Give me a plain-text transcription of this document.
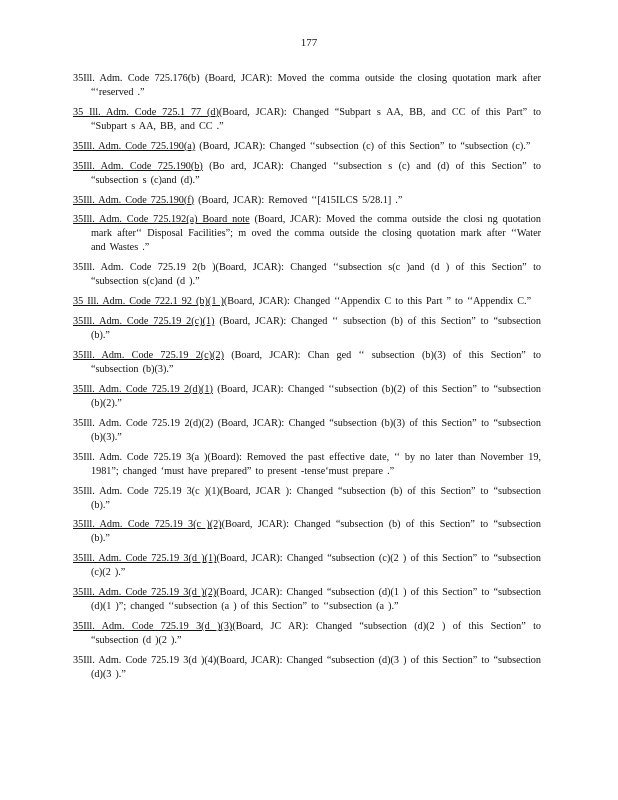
177
35Ill. Adm. Code 725.176(b) (Board, JCAR): Moved the comma outside the closing quotation mark after “‘reserved .”
35 Ill. Adm. Code 725.1 77 (d)(Board, JCAR): Changed “Subpart s AA, BB, and CC of this Part” to “Subpart s AA, BB, and CC .”
35Ill. Adm. Code 725.190(a) (Board, JCAR): Changed ‘‘subsection (c) of this Section” to “subsection (c).”
35Ill. Adm. Code 725.190(b) (Bo ard, JCAR): Changed ‘‘subsection s (c) and (d) of this Section” to “subsection s (c)and (d).”
35Ill. Adm. Code 725.190(f) (Board, JCAR): Removed ‘‘[415ILCS 5/28.1] .”
35Ill. Adm. Code 725.192(a) Board note (Board, JCAR): Moved the comma outside the closi ng quotation mark after‘‘ Disposal Facilities”; m oved the comma outside the closing quotation mark after ‘‘Water and Wastes .”
35Ill. Adm. Code 725.19 2(b )(Board, JCAR): Changed ‘‘subsection s(c )and (d ) of this Section” to “subsection s(c)and (d ).”
35 Ill. Adm. Code 722.1 92 (b)(1 )(Board, JCAR): Changed ‘‘Appendix C to this Part ” to ‘‘Appendix C.”
35Ill. Adm. Code 725.19 2(c)(1) (Board, JCAR): Changed ‘‘ subsection (b) of this Section” to “subsection (b).”
35Ill. Adm. Code 725.19 2(c)(2) (Board, JCAR): Chan ged ‘‘ subsection (b)(3) of this Section” to “subsection (b)(3).”
35Ill. Adm. Code 725.19 2(d)(1) (Board, JCAR): Changed ‘‘subsection (b)(2) of this Section” to “subsection (b)(2).”
35Ill. Adm. Code 725.19 2(d)(2) (Board, JCAR): Changed “subsection (b)(3) of this Section” to “subsection (b)(3).”
35Ill. Adm. Code 725.19 3(a )(Board): Removed the past effective date, ‘‘ by no later than November 19, 1981”; changed ‘must have prepared” to present -tense‘must prepare .”
35Ill. Adm. Code 725.19 3(c )(1)(Board, JCAR ): Changed “subsection (b) of this Section” to “subsection (b).”
35Ill. Adm. Code 725.19 3(c )(2)(Board, JCAR): Changed “subsection (b) of this Section” to “subsection (b).”
35Ill. Adm. Code 725.19 3(d )(1)(Board, JCAR): Changed “subsection (c)(2 ) of this Section” to “subsection (c)(2 ).”
35Ill. Adm. Code 725.19 3(d )(2)(Board, JCAR): Changed “subsection (d)(1 ) of this Section” to “subsection (d)(1 )”; changed ‘‘subsection (a ) of this Section” to ‘‘subsection (a ).”
35Ill. Adm. Code 725.19 3(d )(3)(Board, JC AR): Changed “subsection (d)(2 ) of this Section” to “subsection (d )(2 ).”
35Ill. Adm. Code 725.19 3(d )(4)(Board, JCAR): Changed “subsection (d)(3 ) of this Section” to “subsection (d)(3 ).”
